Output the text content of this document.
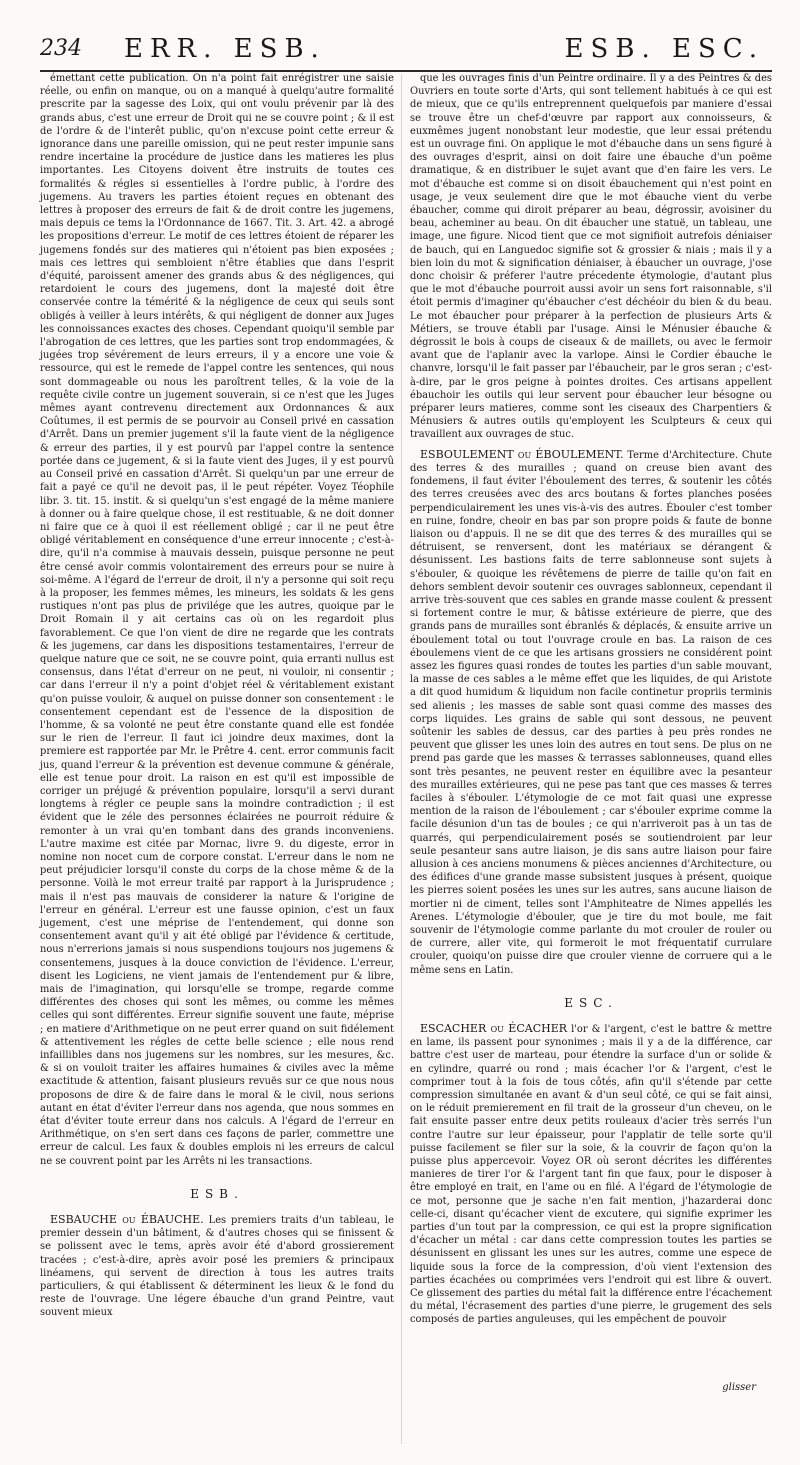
234 ERR. ESB.	ESB. ESC.

émettant cette publication. On n'a point fait enrégistrer une saisie réelle, ou enfin on manque, ou on a manqué à quelqu'autre formalité prescrite par la sagesse des Loix, qui ont voulu prévenir par là des grands abus, c'est une erreur de Droit qui ne se couvre point ; & il est de l'ordre & de l'interêt public, qu'on n'excuse point cette erreur & ignorance dans une pareille omission, qui ne peut rester impunie sans rendre incertaine la procédure de justice dans les matieres les plus importantes. Les Citoyens doivent être instruits de toutes ces formalités & régles si essentielles à l'ordre public, à l'ordre des jugemens. Au travers les parties étoient reçues en obtenant des lettres à proposer des erreurs de fait & de droit contre les jugemens, mais depuis ce tems la l'Ordonnance de 1667. Tit. 3. Art. 42. a abrogé les propositions d'erreur. Le motif de ces lettres étoient de réparer les jugemens fondés sur des matieres qui n'étoient pas bien exposées ; mais ces lettres qui sembloient n'être établies que dans l'esprit d'équité, paroissent amener des grands abus & des négligences, qui retardoient le cours des jugemens, dont la majesté doit être conservée contre la témérité & la négligence de ceux qui seuls sont obligés à veiller à leurs intérêts, & qui négligent de donner aux Juges les connoissances exactes des choses. Cependant quoiqu'il semble par l'abrogation de ces lettres, que les parties sont trop endommagées, & jugées trop sévérement de leurs erreurs, il y a encore une voie & ressource, qui est le remede de l'appel contre les sentences, qui nous sont dommageable ou nous les paroîtrent telles, & la voie de la requête civile contre un jugement souverain, si ce n'est que les Juges mêmes ayant contrevenu directement aux Ordonnances & aux Coûtumes, il est permis de se pourvoir au Conseil privé en cassation d'Arrêt. Dans un premier jugement s'il la faute vient de la négligence & erreur des parties, il y est pourvû par l'appel contre la sentence portée dans ce jugement, & si la faute vient des Juges, il y est pourvû au Conseil privé en cassation d'Arrêt. Si quelqu'un par une erreur de fait a payé ce qu'il ne devoit pas, il le peut répéter. Voyez Téophile libr. 3. tit. 15. instit. & si quelqu'un s'est engagé de la même maniere à donner ou à faire quelque chose, il est restituable, & ne doit donner ni faire que ce à quoi il est réellement obligé ; car il ne peut être obligé véritablement en conséquence d'une erreur innocente ; c'est-à-dire, qu'il n'a commise à mauvais dessein, puisque personne ne peut être censé avoir commis volontairement des erreurs pour se nuire à soi-même. A l'égard de l'erreur de droit, il n'y a personne qui soit reçu à la proposer, les femmes mêmes, les mineurs, les soldats & les gens rustiques n'ont pas plus de privilége que les autres, quoique par le Droit Romain il y ait certains cas où on les regardoit plus favorablement. Ce que l'on vient de dire ne regarde que les contrats & les jugemens, car dans les dispositions testamentaires, l'erreur de quelque nature que ce soit, ne se couvre point, quia erranti nullus est consensus, dans l'état d'erreur on ne peut, ni vouloir, ni consentir ; car dans l'erreur il n'y a point d'objet réel & véritablement existant qu'on puisse vouloir, & auquel on puisse donner son consentement : le consentement cependant est de l'essence de la disposition de l'homme, & sa volonté ne peut être constante quand elle est fondée sur le rien de l'erreur. Il faut ici joindre deux maximes, dont la premiere est rapportée par Mr. le Prêtre 4. cent. error communis facit jus, quand l'erreur & la prévention est devenue commune & générale, elle est tenue pour droit. La raison en est qu'il est impossible de corriger un préjugé & prévention populaire, lorsqu'il a servi durant longtems à régler ce peuple sans la moindre contradiction ; il est évident que le zéle des personnes éclairées ne pourroit réduire & remonter à un vrai qu'en tombant dans des grands inconveniens. L'autre maxime est citée par Mornac, livre 9. du digeste, error in nomine non nocet cum de corpore constat. L'erreur dans le nom ne peut préjudicier lorsqu'il conste du corps de la chose même & de la personne. Voilà le mot erreur traité par rapport à la Jurisprudence ; mais il n'est pas mauvais de considerer la nature & l'origine de l'erreur en général. L'erreur est une fausse opinion, c'est un faux jugement, c'est une méprise de l'entendement, qui donne son consentement avant qu'il y ait été obligé par l'évidence & certitude, nous n'errerions jamais si nous suspendions toujours nos jugemens & consentemens, jusques à la douce conviction de l'évidence. L'erreur, disent les Logiciens, ne vient jamais de l'entendement pur & libre, mais de l'imagination, qui lorsqu'elle se trompe, regarde comme différentes des choses qui sont les mêmes, ou comme les mêmes celles qui sont différentes. Erreur signifie souvent une faute, méprise ; en matiere d'Arithmetique on ne peut errer quand on suit fidélement & attentivement les régles de cette belle science ; elle nous rend infaillibles dans nos jugemens sur les nombres, sur les mesures, &c. & si on vouloit traiter les affaires humaines & civiles avec la même exactitude & attention, faisant plusieurs revuës sur ce que nous nous proposons de dire & de faire dans le moral & le civil, nous serions autant en état d'éviter l'erreur dans nos agenda, que nous sommes en état d'éviter toute erreur dans nos calculs. A l'égard de l'erreur en Arithmétique, on s'en sert dans ces façons de parler, commettre une erreur de calcul. Les faux & doubles emplois ni les erreurs de calcul ne se couvrent point par les Arrêts ni les transactions.

ESB.

ESBAUCHE ou ÉBAUCHE. Les premiers traits d'un tableau, le premier dessein d'un bâtiment, & d'autres choses qui se finissent & se polissent avec le tems, après avoir été d'abord grossierement tracées ; c'est-à-dire, après avoir posé les premiers & principaux linéamens, qui servent de direction à tous les autres traits particuliers, & qui établissent & déterminent les lieux & le fond du reste de l'ouvrage. Une légere ébauche d'un grand Peintre, vaut souvent mieux

que les ouvrages finis d'un Peintre ordinaire. Il y a des Peintres & des Ouvriers en toute sorte d'Arts, qui sont tellement habitués à ce qui est de mieux, que ce qu'ils entreprennent quelquefois par maniere d'essai se trouve être un chef-d'œuvre par rapport aux connoisseurs, & euxmêmes jugent nonobstant leur modestie, que leur essai prétendu est un ouvrage fini. On applique le mot d'ébauche dans un sens figuré à des ouvrages d'esprit, ainsi on doit faire une ébauche d'un poëme dramatique, & en distribuer le sujet avant que d'en faire les vers. Le mot d'ébauche est comme si on disoit ébauchement qui n'est point en usage, je veux seulement dire que le mot ébauche vient du verbe ébaucher, comme qui diroit préparer au beau, dégrossir, avoisiner du beau, acheminer au beau. On dit ébaucher une statuë, un tableau, une image, une figure. Nicod tient que ce mot signifioit autrefois déniaiser de bauch, qui en Languedoc signifie sot & grossier & niais ; mais il y a bien loin du mot & signification déniaiser, à ébaucher un ouvrage, j'ose donc choisir & préferer l'autre précedente étymologie, d'autant plus que le mot d'ébauche pourroit aussi avoir un sens fort raisonnable, s'il étoit permis d'imaginer qu'ébaucher c'est déchéoir du bien & du beau. Le mot ébaucher pour préparer à la perfection de plusieurs Arts & Métiers, se trouve établi par l'usage. Ainsi le Ménusier ébauche & dégrossit le bois à coups de ciseaux & de maillets, ou avec le fermoir avant que de l'aplanir avec la varlope. Ainsi le Cordier ébauche le chanvre, lorsqu'il le fait passer par l'ébaucheir, par le gros seran ; c'est-à-dire, par le gros peigne à pointes droites. Ces artisans appellent ébauchoir les outils qui leur servent pour ébaucher leur bésogne ou préparer leurs matieres, comme sont les ciseaux des Charpentiers & Ménusiers & autres outils qu'employent les Sculpteurs & ceux qui travaillent aux ouvrages de stuc.

ESBOULEMENT ou ÉBOULEMENT. Terme d'Architecture. Chute des terres & des murailles ; quand on creuse bien avant des fondemens, il faut éviter l'éboulement des terres, & soutenir les côtés des terres creusées avec des arcs boutans & fortes planches posées perpendiculairement les unes vis-à-vis des autres. Ébouler c'est tomber en ruine, fondre, cheoir en bas par son propre poids & faute de bonne liaison ou d'appuis. Il ne se dit que des terres & des murailles qui se détruisent, se renversent, dont les matériaux se dérangent & désunissent. Les bastions faits de terre sablonneuse sont sujets à s'ébouler, & quoique les révêtemens de pierre de taille qu'on fait en dehors semblent devoir soutenir ces ouvrages sablonneux, cependant il arrive très-souvent que ces sables en grande masse coulent & pressent si fortement contre le mur, & bâtisse extérieure de pierre, que des grands pans de murailles sont ébranlés & déplacés, & ensuite arrive un éboulement total ou tout l'ouvrage croule en bas. La raison de ces éboulemens vient de ce que les artisans grossiers ne considérent point assez les figures quasi rondes de toutes les parties d'un sable mouvant, la masse de ces sables a le même effet que les liquides, de qui Aristote a dit quod humidum & liquidum non facile continetur propriis terminis sed alienis ; les masses de sable sont quasi comme des masses des corps liquides. Les grains de sable qui sont dessous, ne peuvent soûtenir les sables de dessus, car des parties à peu près rondes ne peuvent que glisser les unes loin des autres en tout sens. De plus on ne prend pas garde que les masses & terrasses sablonneuses, quand elles sont très pesantes, ne peuvent rester en équilibre avec la pesanteur des murailles extérieures, qui ne pese pas tant que ces masses & terres faciles à s'ébouler. L'étymologie de ce mot fait quasi une expresse mention de la raison de l'éboulement ; car s'ébouler exprime comme la facile désunion d'un tas de boules ; ce qui n'arriveroit pas à un tas de quarrés, qui perpendiculairement posés se soutiendroient par leur seule pesanteur sans autre liaison, je dis sans autre liaison pour faire allusion à ces anciens monumens & pièces anciennes d'Architecture, ou des édifices d'une grande masse subsistent jusques à présent, quoique les pierres soient posées les unes sur les autres, sans aucune liaison de mortier ni de ciment, telles sont l'Amphiteatre de Nimes appellés les Arenes. L'étymologie d'ébouler, que je tire du mot boule, me fait souvenir de l'étymologie comme parlante du mot crouler de rouler ou de currere, aller vite, qui formeroit le mot fréquentatif currulare crouler, quoiqu'on puisse dire que crouler vienne de corruere qui a le même sens en Latin.

ESC.

ESCACHER ou ÉCACHER l'or & l'argent, c'est le battre & mettre en lame, ils passent pour synonimes ; mais il y a de la différence, car battre c'est user de marteau, pour étendre la surface d'un or solide & en cylindre, quarré ou rond ; mais écacher l'or & l'argent, c'est le comprimer tout à la fois de tous côtés, afin qu'il s'étende par cette compression simultanée en avant & d'un seul côté, ce qui se fait ainsi, on le réduit premierement en fil trait de la grosseur d'un cheveu, on le fait ensuite passer entre deux petits rouleaux d'acier très serrés l'un contre l'autre sur leur épaisseur, pour l'applatir de telle sorte qu'il puisse facilement se filer sur la soie, & la couvrir de façon qu'on la puisse plus appercevoir. Voyez OR où seront décrites les différentes manieres de tirer l'or & l'argent tant fin que faux, pour le disposer à être employé en trait, en l'ame ou en filé. A l'égard de l'étymologie de ce mot, personne que je sache n'en fait mention, j'hazarderai donc celle-ci, disant qu'écacher vient de excutere, qui signifie exprimer les parties d'un tout par la compression, ce qui est la propre signification d'écacher un métal : car dans cette compression toutes les parties se désunissent en glissant les unes sur les autres, comme une espece de liquide sous la force de la compression, d'où vient l'extension des parties écachées ou comprimées vers l'endroit qui est libre & ouvert. Ce glissement des parties du métal fait la différence entre l'écachement du métal, l'écrasement des parties d'une pierre, le grugement des sels composés de parties anguleuses, qui les empêchent de pouvoir

glisser
